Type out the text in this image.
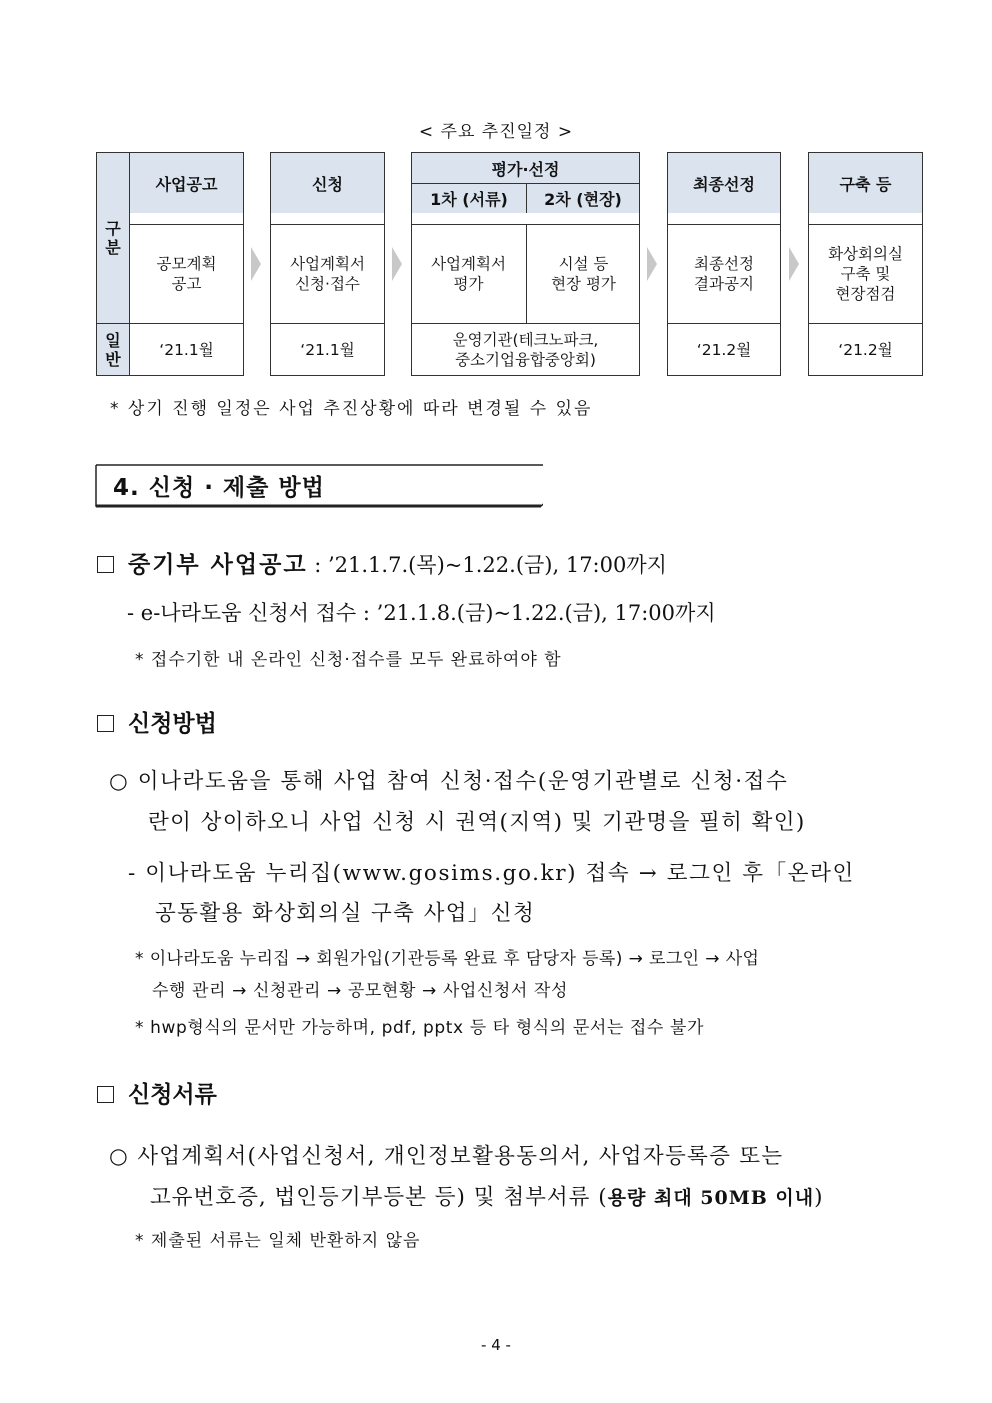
< 주요 추진일정 >
구
분
일
반
사업공고
공모계획
공고
‘21.1월
신청
사업계획서
신청·접수
‘21.1월
평가·선정
1차 (서류)	2차 (현장)
사업계획서
평가
시설 등
현장 평가
운영기관(테크노파크,
중소기업융합중앙회)
최종선정
최종선정
결과공지
‘21.2월
구축 등
화상회의실
구축 및
현장점검
‘21.2월
* 상기 진행 일정은 사업 추진상황에 따라 변경될 수 있음
4. 신청 · 제출 방법
중기부 사업공고 : ’21.1.7.(목)~1.22.(금), 17:00까지
- e-나라도움 신청서 접수 : ’21.1.8.(금)~1.22.(금), 17:00까지
* 접수기한 내 온라인 신청·접수를 모두 완료하여야 함
신청방법
○ 이나라도움을 통해 사업 참여 신청·접수(운영기관별로 신청·접수
란이 상이하오니 사업 신청 시 권역(지역) 및 기관명을 필히 확인)
- 이나라도움 누리집(www.gosims.go.kr) 접속 → 로그인 후「온라인
공동활용 화상회의실 구축 사업」신청
* 이나라도움 누리집 → 회원가입(기관등록 완료 후 담당자 등록) → 로그인 → 사업
수행 관리 → 신청관리 → 공모현황 → 사업신청서 작성
* hwp형식의 문서만 가능하며, pdf, pptx 등 타 형식의 문서는 접수 불가
신청서류
○ 사업계획서(사업신청서, 개인정보활용동의서, 사업자등록증 또는
고유번호증, 법인등기부등본 등) 및 첨부서류 (용량 최대 50MB 이내)
* 제출된 서류는 일체 반환하지 않음
- 4 -
